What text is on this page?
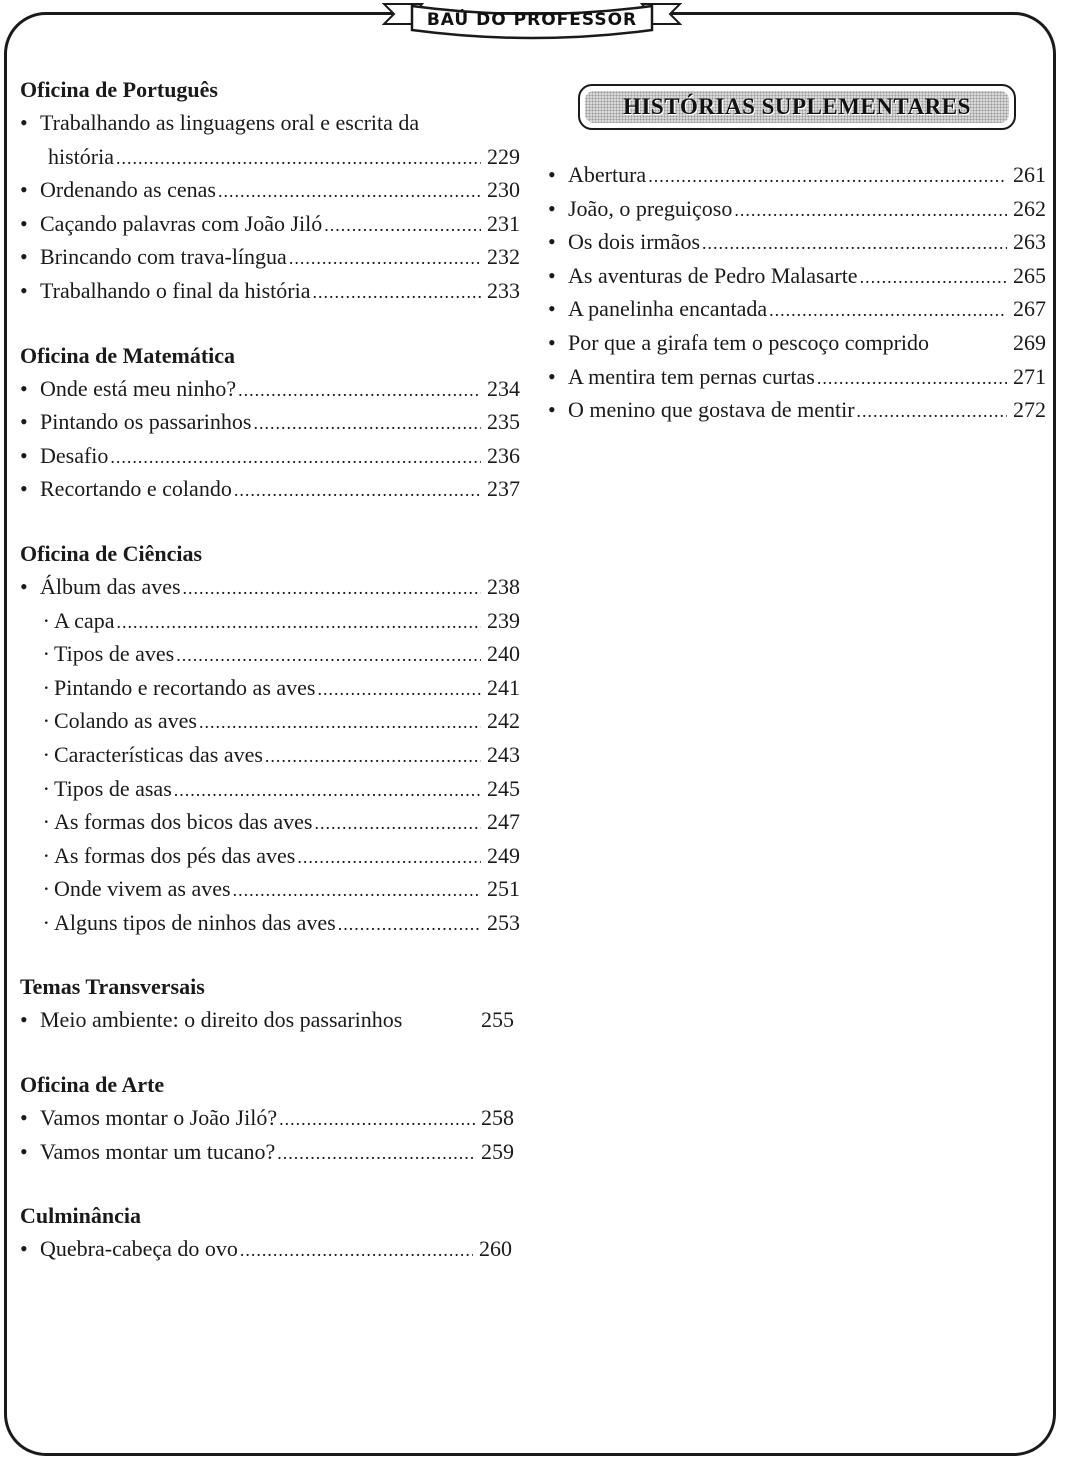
BAÚ DO PROFESSOR
Oficina de Português
• Trabalhando as linguagens oral e escrita da
história .....	229
• Ordenando as cenas .....	230
• Caçando palavras com João Jiló .....	231
• Brincando com trava-língua .....	232
• Trabalhando o final da história .....	233
Oficina de Matemática
• Onde está meu ninho? .....	234
• Pintando os passarinhos .....	235
• Desafio .....	236
• Recortando e colando .....	237
Oficina de Ciências
• Álbum das aves .....	238
· A capa .....	239
· Tipos de aves .....	240
· Pintando e recortando as aves .....	241
· Colando as aves .....	242
· Características das aves .....	243
· Tipos de asas .....	245
· As formas dos bicos das aves .....	247
· As formas dos pés das aves .....	249
· Onde vivem as aves .....	251
· Alguns tipos de ninhos das aves .....	253
Temas Transversais
• Meio ambiente: o direito dos passarinhos	255
Oficina de Arte
• Vamos montar o João Jiló? .....	258
• Vamos montar um tucano? .....	259
Culminância
• Quebra-cabeça do ovo .....	260
HISTÓRIAS SUPLEMENTARES
• Abertura .....	261
• João, o preguiçoso .....	262
• Os dois irmãos .....	263
• As aventuras de Pedro Malasarte .....	265
• A panelinha encantada .....	267
• Por que a girafa tem o pescoço comprido	269
• A mentira tem pernas curtas .....	271
• O menino que gostava de mentir .....	272
